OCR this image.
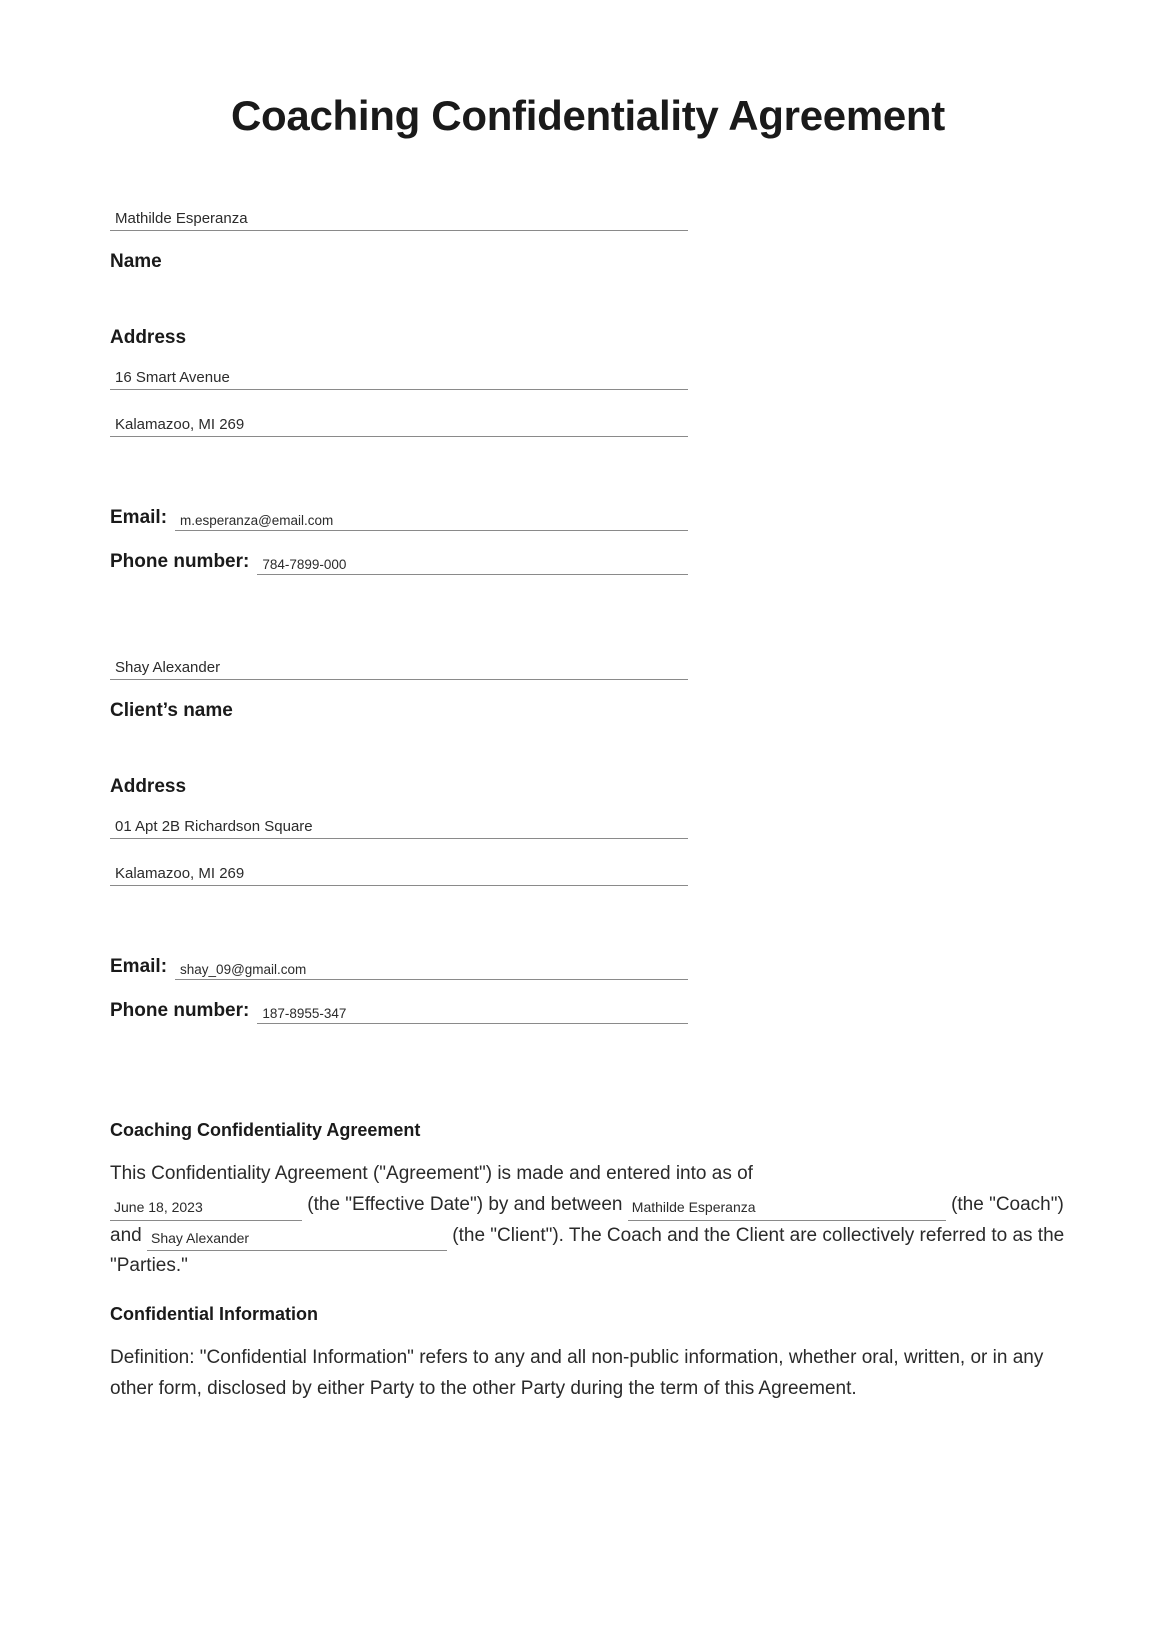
Coaching Confidentiality Agreement
Mathilde Esperanza
Name
Address
16 Smart Avenue
Kalamazoo, MI 269
Email: m.esperanza@email.com
Phone number: 784-7899-000
Shay Alexander
Client’s name
Address
01 Apt 2B Richardson Square
Kalamazoo, MI 269
Email: shay_09@gmail.com
Phone number: 187-8955-347
Coaching Confidentiality Agreement

This Confidentiality Agreement ("Agreement") is made and entered into as of
June 18, 2023	(the "Effective Date") by and between Mathilde Esperanza	(the "Coach") and Shay Alexander	(the "Client"). The Coach and the Client are collectively referred to as the "Parties."

Confidential Information

Definition: "Confidential Information" refers to any and all non-public information, whether oral, written, or in any other form, disclosed by either Party to the other Party during the term of this Agreement.
